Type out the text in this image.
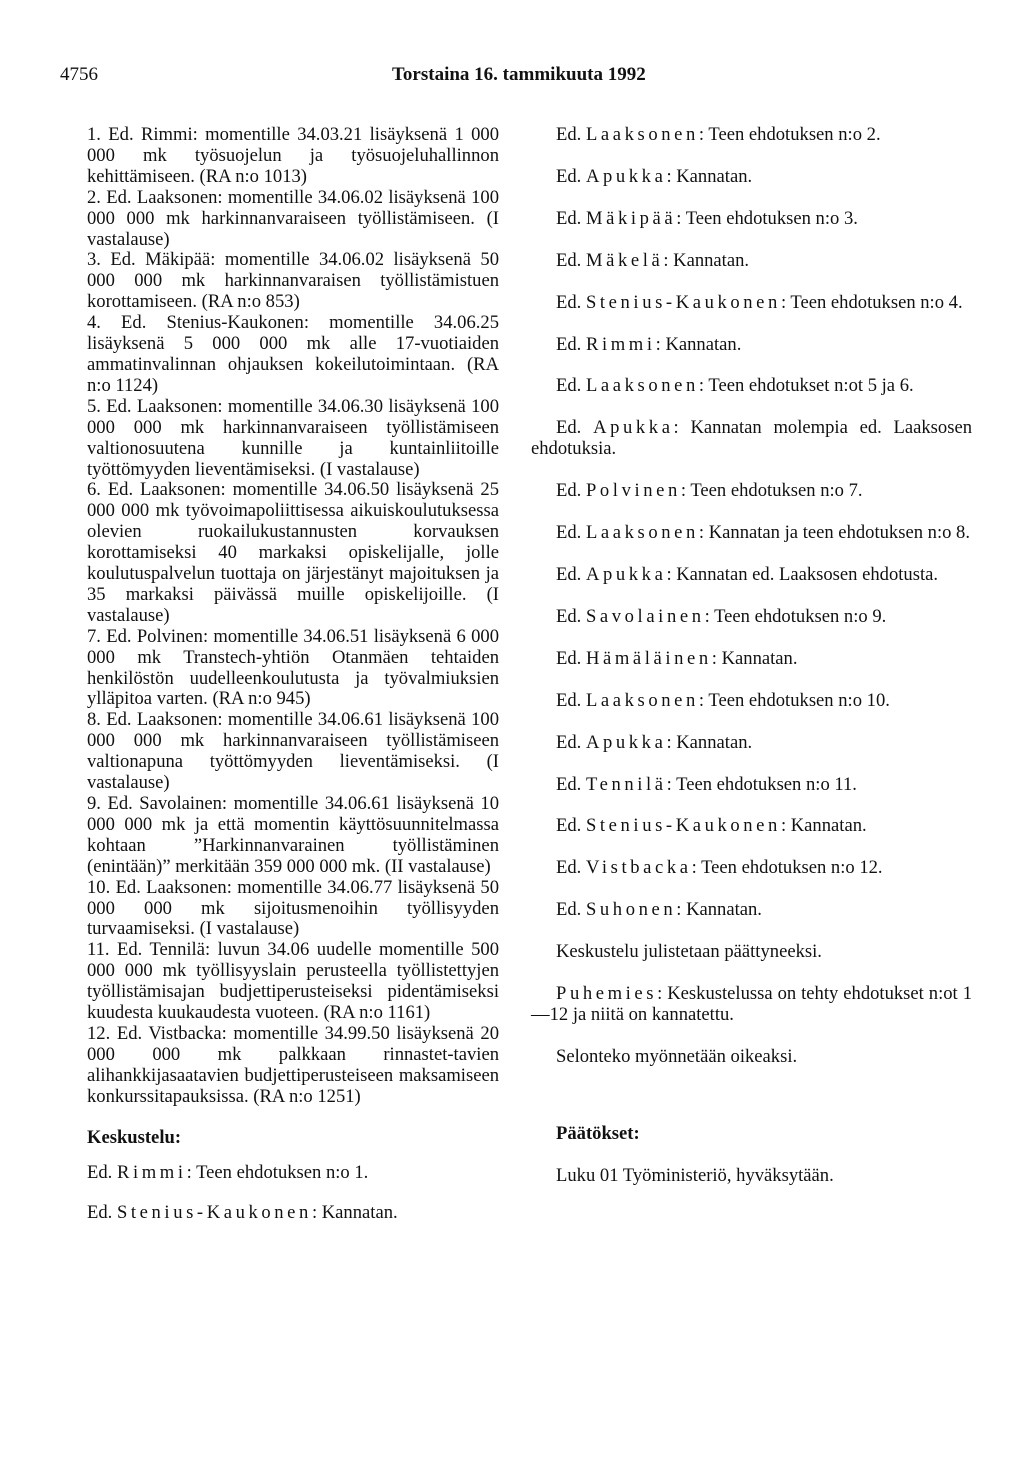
4756	Torstaina 16. tammikuuta 1992

1. Ed. Rimmi: momentille 34.03.21 lisäyksenä 1 000 000 mk työsuojelun ja työsuojeluhallinnon kehittämiseen. (RA n:o 1013)

2. Ed. Laaksonen: momentille 34.06.02 lisäyksenä 100 000 000 mk harkinnanvaraiseen työllistämiseen. (I vastalause)

3. Ed. Mäkipää: momentille 34.06.02 lisäyksenä 50 000 000 mk harkinnanvaraisen työllistämistuen korottamiseen. (RA n:o 853)

4. Ed. Stenius-Kaukonen: momentille 34.06.25 lisäyksenä 5 000 000 mk alle 17-vuotiaiden ammatinvalinnan ohjauksen kokeilutoimintaan. (RA n:o 1124)

5. Ed. Laaksonen: momentille 34.06.30 lisäyksenä 100 000 000 mk harkinnanvaraiseen työllistämiseen valtionosuutena kunnille ja kuntainliitoille työttömyyden lieventämiseksi. (I vastalause)

6. Ed. Laaksonen: momentille 34.06.50 lisäyksenä 25 000 000 mk työvoimapoliittisessa aikuiskoulutuksessa olevien ruokailukustannusten korvauksen korottamiseksi 40 markaksi opiskelijalle, jolle koulutuspalvelun tuottaja on järjestänyt majoituksen ja 35 markaksi päivässä muille opiskelijoille. (I vastalause)

7. Ed. Polvinen: momentille 34.06.51 lisäyksenä 6 000 000 mk Transtech-yhtiön Otanmäen tehtaiden henkilöstön uudelleenkoulutusta ja työvalmiuksien ylläpitoa varten. (RA n:o 945)

8. Ed. Laaksonen: momentille 34.06.61 lisäyksenä 100 000 000 mk harkinnanvaraiseen työllistämiseen valtionapuna työttömyyden lieventämiseksi. (I vastalause)

9. Ed. Savolainen: momentille 34.06.61 lisäyksenä 10 000 000 mk ja että momentin käyttösuunnitelmassa kohtaan ”Harkinnanvarainen työllistäminen (enintään)” merkitään 359 000 000 mk. (II vastalause)

10. Ed. Laaksonen: momentille 34.06.77 lisäyksenä 50 000 000 mk sijoitusmenoihin työllisyyden turvaamiseksi. (I vastalause)

11. Ed. Tennilä: luvun 34.06 uudelle momentille 500 000 000 mk työllisyyslain perusteella työllistettyjen työllistämisajan budjettiperusteiseksi pidentämiseksi kuudesta kuukaudesta vuoteen. (RA n:o 1161)

12. Ed. Vistbacka: momentille 34.99.50 lisäyksenä 20 000 000 mk palkkaan rinnastet-tavien alihankkijasaatavien budjettiperusteiseen maksamiseen konkurssitapauksissa. (RA n:o 1251)

Keskustelu:

Ed. Rimmi: Teen ehdotuksen n:o 1.

Ed. Stenius-Kaukonen: Kannatan.

Ed. Laaksonen: Teen ehdotuksen n:o 2.

Ed. Apukka: Kannatan.

Ed. Mäkipää: Teen ehdotuksen n:o 3.

Ed. Mäkelä: Kannatan.

Ed. Stenius-Kaukonen: Teen ehdotuksen n:o 4.

Ed. Rimmi: Kannatan.

Ed. Laaksonen: Teen ehdotukset n:ot 5 ja 6.

Ed. Apukka: Kannatan molempia ed. Laaksosen ehdotuksia.

Ed. Polvinen: Teen ehdotuksen n:o 7.

Ed. Laaksonen: Kannatan ja teen ehdotuksen n:o 8.

Ed. Apukka: Kannatan ed. Laaksosen ehdotusta.

Ed. Savolainen: Teen ehdotuksen n:o 9.

Ed. Hämäläinen: Kannatan.

Ed. Laaksonen: Teen ehdotuksen n:o 10.

Ed. Apukka: Kannatan.

Ed. Tennilä: Teen ehdotuksen n:o 11.

Ed. Stenius-Kaukonen: Kannatan.

Ed. Vistbacka: Teen ehdotuksen n:o 12.

Ed. Suhonen: Kannatan.

Keskustelu julistetaan päättyneeksi.

Puhemies: Keskustelussa on tehty ehdotukset n:ot 1—12 ja niitä on kannatettu.

Selonteko myönnetään oikeaksi.

Päätökset:

Luku 01 Työministeriö, hyväksytään.
